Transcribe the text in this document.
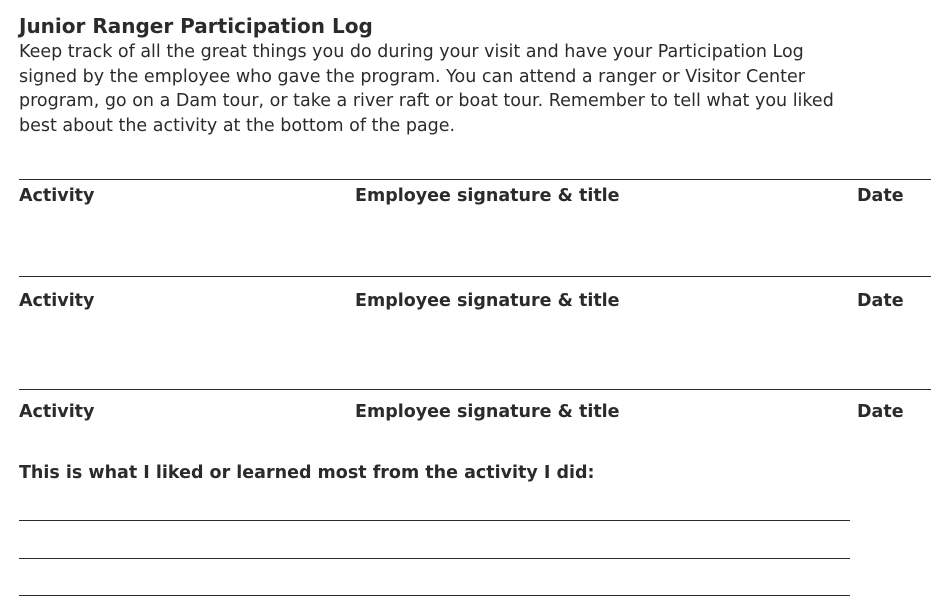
Junior Ranger Participation Log
Keep track of all the great things you do during your visit and have your Participation Log
signed by the employee who gave the program. You can attend a ranger or Visitor Center
program, go on a Dam tour, or take a river raft or boat tour. Remember to tell what you liked
best about the activity at the bottom of the page.
Activity	Employee signature & title	Date
Activity	Employee signature & title	Date
Activity	Employee signature & title	Date
This is what I liked or learned most from the activity I did:
